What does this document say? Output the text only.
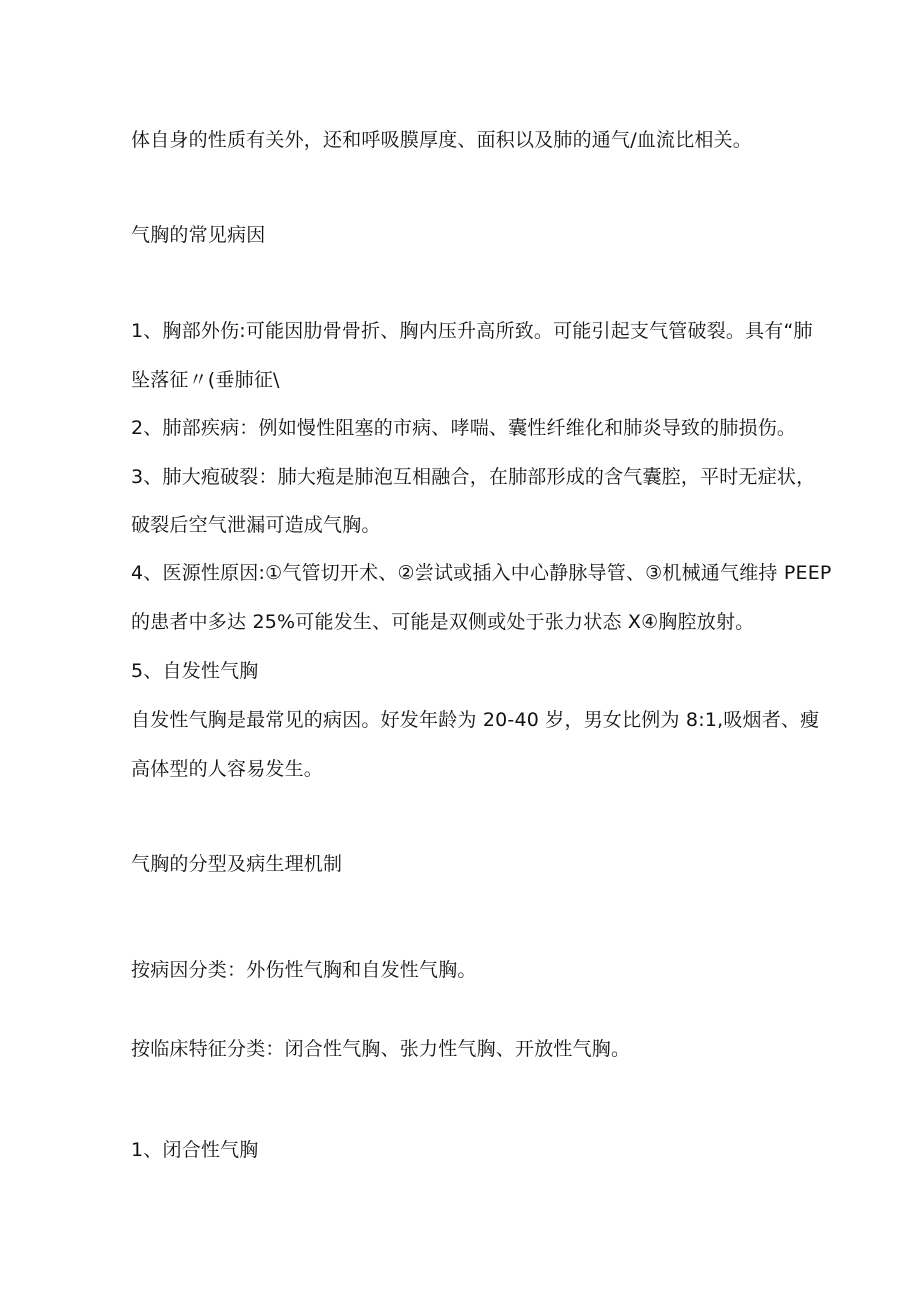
体自身的性质有关外，还和呼吸膜厚度、面积以及肺的通气/血流比相关。
气胸的常见病因
1、胸部外伤:可能因肋骨骨折、胸内压升高所致。可能引起支气管破裂。具有“肺
坠落征〃(垂肺征\
2、肺部疾病：例如慢性阻塞的市病、哮喘、囊性纤维化和肺炎导致的肺损伤。
3、肺大疱破裂：肺大疱是肺泡互相融合，在肺部形成的含气囊腔，平时无症状，
破裂后空气泄漏可造成气胸。
4、医源性原因:①气管切开术、②尝试或插入中心静脉导管、③机械通气维持 PEEP
的患者中多达 25%可能发生、可能是双侧或处于张力状态 X④胸腔放射。
5、自发性气胸
自发性气胸是最常见的病因。好发年龄为 20-40 岁，男女比例为 8:1,吸烟者、瘦
高体型的人容易发生。
气胸的分型及病生理机制
按病因分类：外伤性气胸和自发性气胸。
按临床特征分类：闭合性气胸、张力性气胸、开放性气胸。
1、闭合性气胸
